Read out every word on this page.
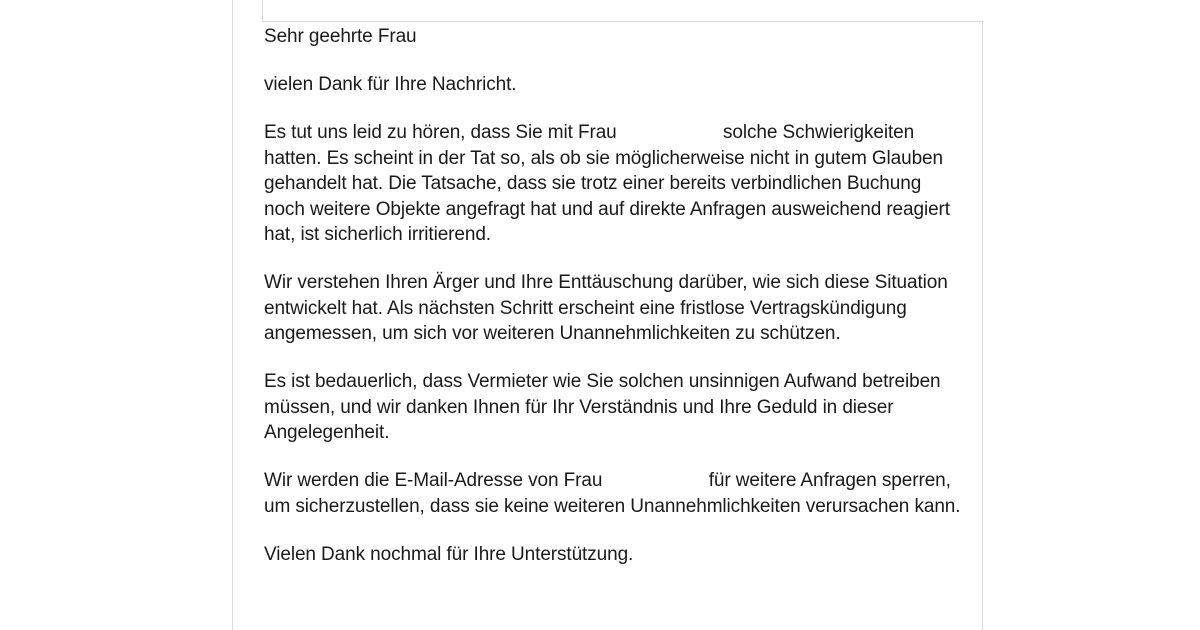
Sehr geehrte Frau

vielen Dank für Ihre Nachricht.

Es tut uns leid zu hören, dass Sie mit Frau	solche Schwierigkeiten hatten. Es scheint in der Tat so, als ob sie möglicherweise nicht in gutem Glauben gehandelt hat. Die Tatsache, dass sie trotz einer bereits verbindlichen Buchung noch weitere Objekte angefragt hat und auf direkte Anfragen ausweichend reagiert hat, ist sicherlich irritierend.

Wir verstehen Ihren Ärger und Ihre Enttäuschung darüber, wie sich diese Situation entwickelt hat. Als nächsten Schritt erscheint eine fristlose Vertragskündigung angemessen, um sich vor weiteren Unannehmlichkeiten zu schützen.

Es ist bedauerlich, dass Vermieter wie Sie solchen unsinnigen Aufwand betreiben müssen, und wir danken Ihnen für Ihr Verständnis und Ihre Geduld in dieser Angelegenheit.

Wir werden die E-Mail-Adresse von Frau	für weitere Anfragen sperren, um sicherzustellen, dass sie keine weiteren Unannehmlichkeiten verursachen kann.

Vielen Dank nochmal für Ihre Unterstützung.
